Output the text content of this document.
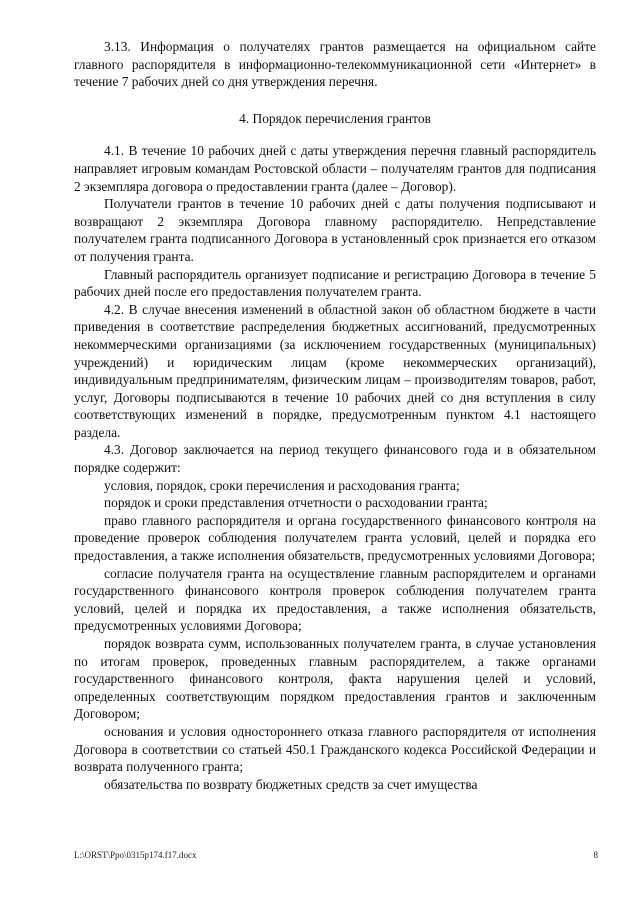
3.13. Информация о получателях грантов размещается на официальном сайте главного распорядителя в информационно-телекоммуникационной сети «Интернет» в течение 7 рабочих дней со дня утверждения перечня.

4. Порядок перечисления грантов

4.1. В течение 10 рабочих дней с даты утверждения перечня главный распорядитель направляет игровым командам Ростовской области – получателям грантов для подписания 2 экземпляра договора о предоставлении гранта (далее – Договор).

Получатели грантов в течение 10 рабочих дней с даты получения подписывают и возвращают 2 экземпляра Договора главному распорядителю. Непредставление получателем гранта подписанного Договора в установленный срок признается его отказом от получения гранта.

Главный распорядитель организует подписание и регистрацию Договора в течение 5 рабочих дней после его предоставления получателем гранта.

4.2. В случае внесения изменений в областной закон об областном бюджете в части приведения в соответствие распределения бюджетных ассигнований, предусмотренных некоммерческими организациями (за исключением государственных (муниципальных) учреждений) и юридическим лицам (кроме некоммерческих организаций), индивидуальным предпринимателям, физическим лицам – производителям товаров, работ, услуг, Договоры подписываются в течение 10 рабочих дней со дня вступления в силу соответствующих изменений в порядке, предусмотренным пунктом 4.1 настоящего раздела.

4.3. Договор заключается на период текущего финансового года и в обязательном порядке содержит:

условия, порядок, сроки перечисления и расходования гранта;

порядок и сроки представления отчетности о расходовании гранта;

право главного распорядителя и органа государственного финансового контроля на проведение проверок соблюдения получателем гранта условий, целей и порядка его предоставления, а также исполнения обязательств, предусмотренных условиями Договора;

согласие получателя гранта на осуществление главным распорядителем и органами государственного финансового контроля проверок соблюдения получателем гранта условий, целей и порядка их предоставления, а также исполнения обязательств, предусмотренных условиями Договора;

порядок возврата сумм, использованных получателем гранта, в случае установления по итогам проверок, проведенных главным распорядителем, а также органами государственного финансового контроля, факта нарушения целей и условий, определенных соответствующим порядком предоставления грантов и заключенным Договором;

основания и условия одностороннего отказа главного распорядителя от исполнения Договора в соответствии со статьей 450.1 Гражданского кодекса Российской Федерации и возврата полученного гранта;

обязательства по возврату бюджетных средств за счет имущества

L:\ORST\Ppo\0315p174.f17.docx	8
